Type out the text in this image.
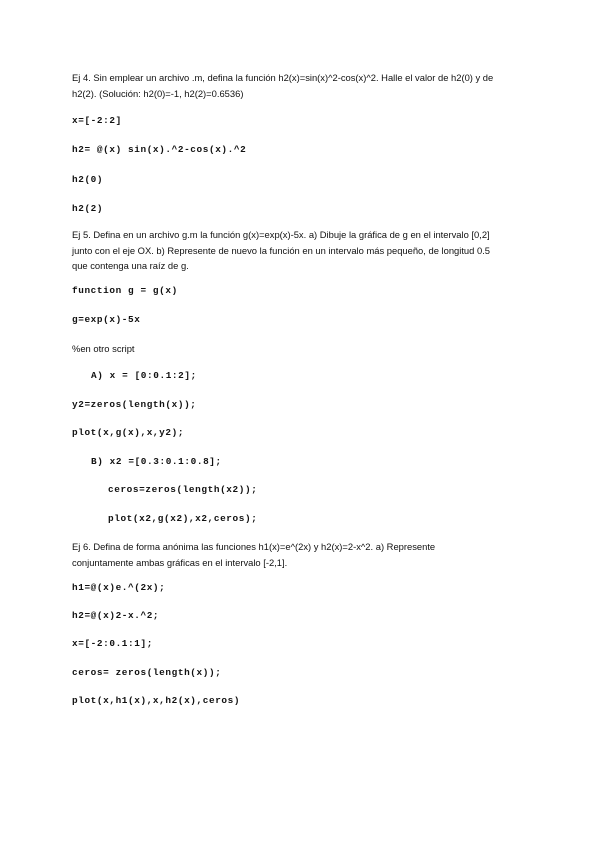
Ej 4. Sin emplear un archivo .m, defina la función h2(x)=sin(x)^2-cos(x)^2. Halle el valor de h2(0) y de
h2(2). (Solución: h2(0)=-1, h2(2)=0.6536)
x=[-2:2]
h2= @(x) sin(x).^2-cos(x).^2
h2(0)
h2(2)
Ej 5. Defina en un archivo g.m la función g(x)=exp(x)-5x. a) Dibuje la gráfica de g en el intervalo [0,2]
junto con el eje OX. b) Represente de nuevo la función en un intervalo más pequeño, de longitud 0.5
que contenga una raíz de g.
function g = g(x)
g=exp(x)-5x
%en otro script
A) x = [0:0.1:2];
y2=zeros(length(x));
plot(x,g(x),x,y2);
B) x2 =[0.3:0.1:0.8];
ceros=zeros(length(x2));
plot(x2,g(x2),x2,ceros);
Ej 6. Defina de forma anónima las funciones h1(x)=e^(2x) y h2(x)=2-x^2. a) Represente
conjuntamente ambas gráficas en el intervalo [-2,1].
h1=@(x)e.^(2x);
h2=@(x)2-x.^2;
x=[-2:0.1:1];
ceros= zeros(length(x));
plot(x,h1(x),x,h2(x),ceros)
